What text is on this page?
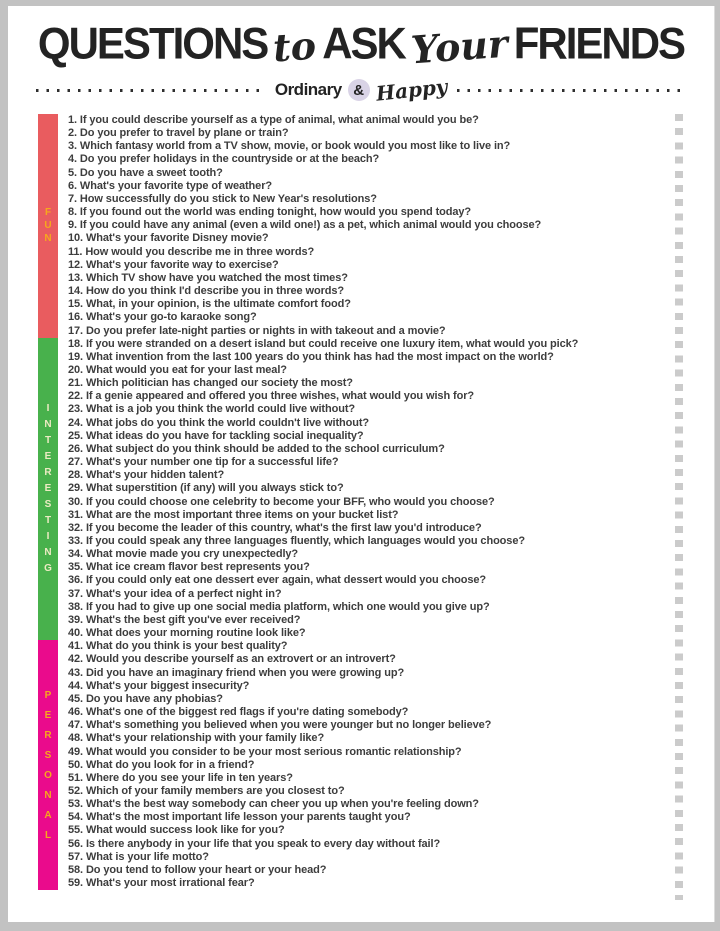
QUESTIONS to ASK Your FRIENDS
Ordinary & Happy
F
U
N
1. If you could describe yourself as a type of animal, what animal would you be?
2. Do you prefer to travel by plane or train?
3. Which fantasy world from a TV show, movie, or book would you most like to live in?
4. Do you prefer holidays in the countryside or at the beach?
5. Do you have a sweet tooth?
6. What's your favorite type of weather?
7. How successfully do you stick to New Year's resolutions?
8. If you found out the world was ending tonight, how would you spend today?
9. If you could have any animal (even a wild one!) as a pet, which animal would you choose?
10. What's your favorite Disney movie?
11. How would you describe me in three words?
12. What's your favorite way to exercise?
13. Which TV show have you watched the most times?
14. How do you think I'd describe you in three words?
15. What, in your opinion, is the ultimate comfort food?
16. What's your go-to karaoke song?
17. Do you prefer late-night parties or nights in with takeout and a movie?
I
N
T
E
R
E
S
T
I
N
G
18. If you were stranded on a desert island but could receive one luxury item, what would you pick?
19. What invention from the last 100 years do you think has had the most impact on the world?
20. What would you eat for your last meal?
21. Which politician has changed our society the most?
22. If a genie appeared and offered you three wishes, what would you wish for?
23. What is a job you think the world could live without?
24. What jobs do you think the world couldn't live without?
25. What ideas do you have for tackling social inequality?
26. What subject do you think should be added to the school curriculum?
27. What's your number one tip for a successful life?
28. What's your hidden talent?
29. What superstition (if any) will you always stick to?
30. If you could choose one celebrity to become your BFF, who would you choose?
31. What are the most important three items on your bucket list?
32. If you become the leader of this country, what's the first law you'd introduce?
33. If you could speak any three languages fluently, which languages would you choose?
34. What movie made you cry unexpectedly?
35. What ice cream flavor best represents you?
36. If you could only eat one dessert ever again, what dessert would you choose?
37. What's your idea of a perfect night in?
38. If you had to give up one social media platform, which one would you give up?
39. What's the best gift you've ever received?
40. What does your morning routine look like?
P
E
R
S
O
N
A
L
41. What do you think is your best quality?
42. Would you describe yourself as an extrovert or an introvert?
43. Did you have an imaginary friend when you were growing up?
44. What's your biggest insecurity?
45. Do you have any phobias?
46. What's one of the biggest red flags if you're dating somebody?
47. What's something you believed when you were younger but no longer believe?
48. What's your relationship with your family like?
49. What would you consider to be your most serious romantic relationship?
50. What do you look for in a friend?
51. Where do you see your life in ten years?
52. Which of your family members are you closest to?
53. What's the best way somebody can cheer you up when you're feeling down?
54. What's the most important life lesson your parents taught you?
55. What would success look like for you?
56. Is there anybody in your life that you speak to every day without fail?
57. What is your life motto?
58. Do you tend to follow your heart or your head?
59. What's your most irrational fear?
